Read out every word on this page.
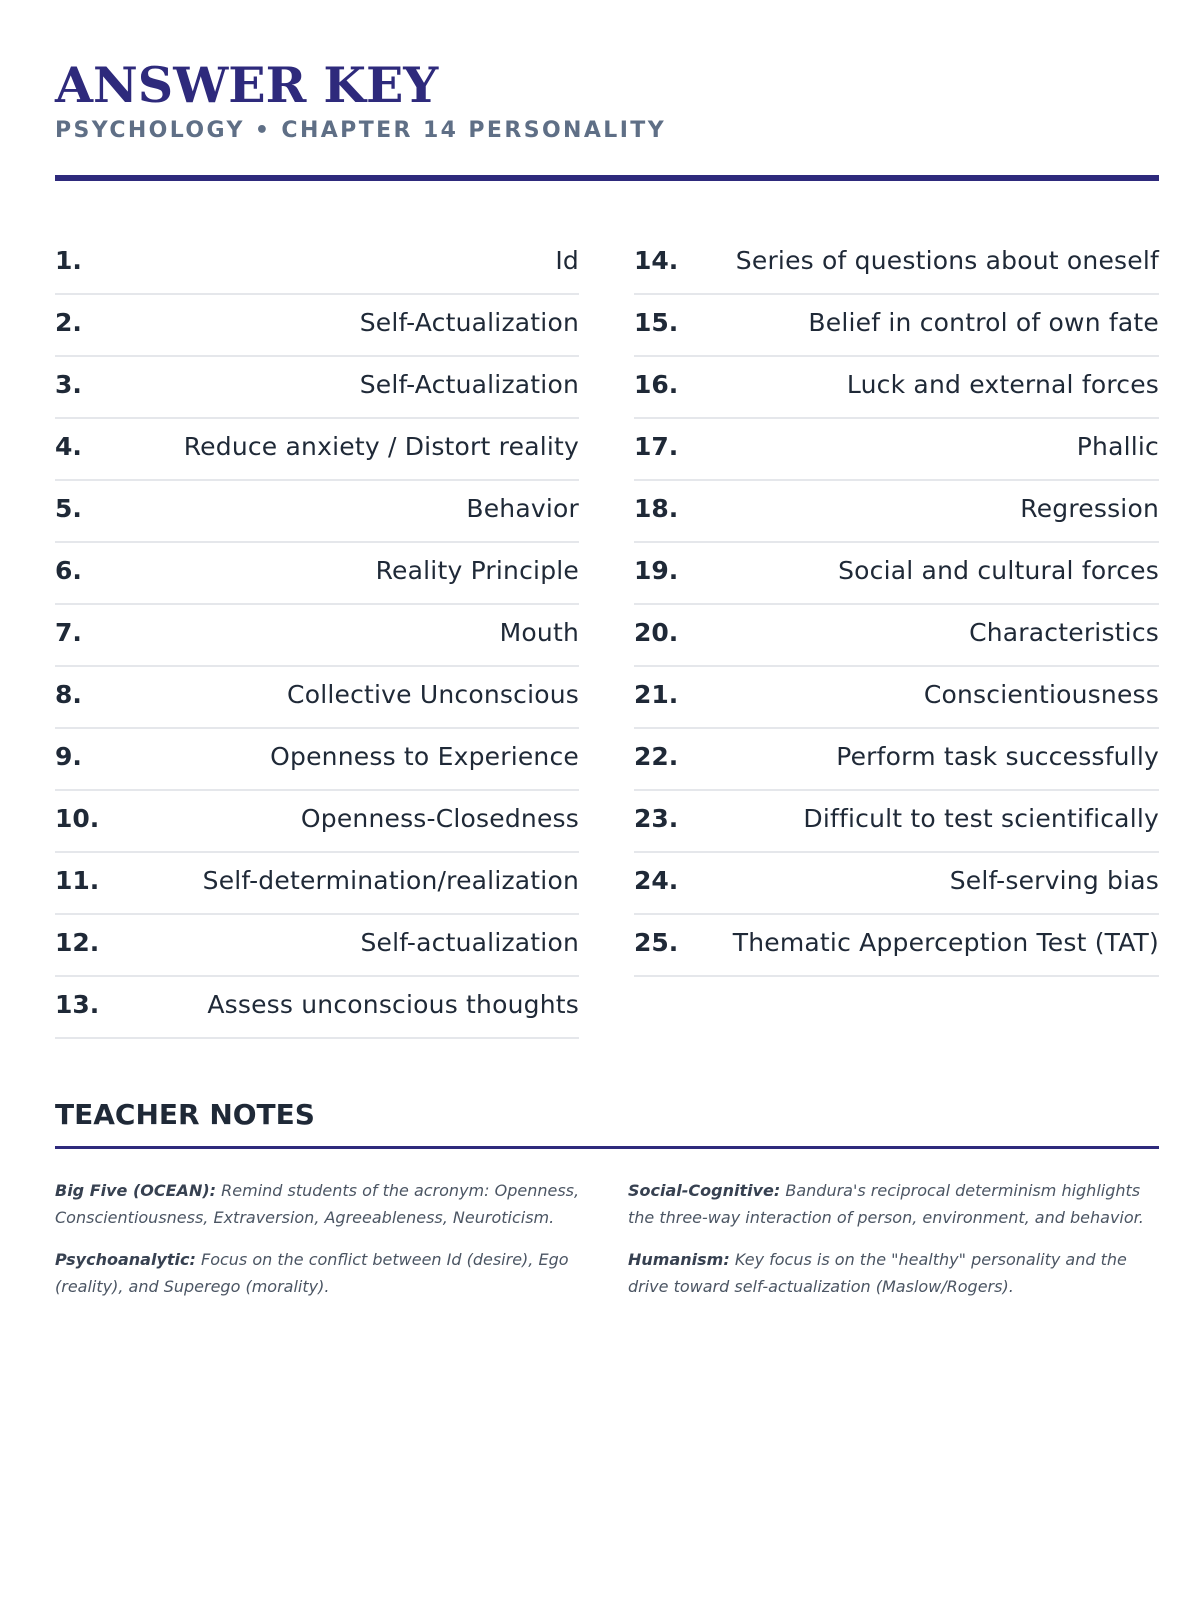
ANSWER KEY
PSYCHOLOGY • CHAPTER 14 PERSONALITY
1.	Id
2.	Self-Actualization
3.	Self-Actualization
4.	Reduce anxiety / Distort reality
5.	Behavior
6.	Reality Principle
7.	Mouth
8.	Collective Unconscious
9.	Openness to Experience
10.	Openness-Closedness
11.	Self-determination/realization
12.	Self-actualization
13.	Assess unconscious thoughts
14. Series of questions about oneself
15.	Belief in control of own fate
16.	Luck and external forces
17.	Phallic
18.	Regression
19.	Social and cultural forces
20.	Characteristics
21.	Conscientiousness
22.	Perform task successfully
23.	Difficult to test scientifically
24.	Self-serving bias
25. Thematic Apperception Test (TAT)
TEACHER NOTES
Big Five (OCEAN): Remind students of the acronym: Openness, Conscientiousness, Extraversion, Agreeableness, Neuroticism.
Social-Cognitive: Bandura's reciprocal determinism highlights the three-way interaction of person, environment, and behavior.
Psychoanalytic: Focus on the conflict between Id (desire), Ego (reality), and Superego (morality).
Humanism: Key focus is on the "healthy" personality and the drive toward self-actualization (Maslow/Rogers).
